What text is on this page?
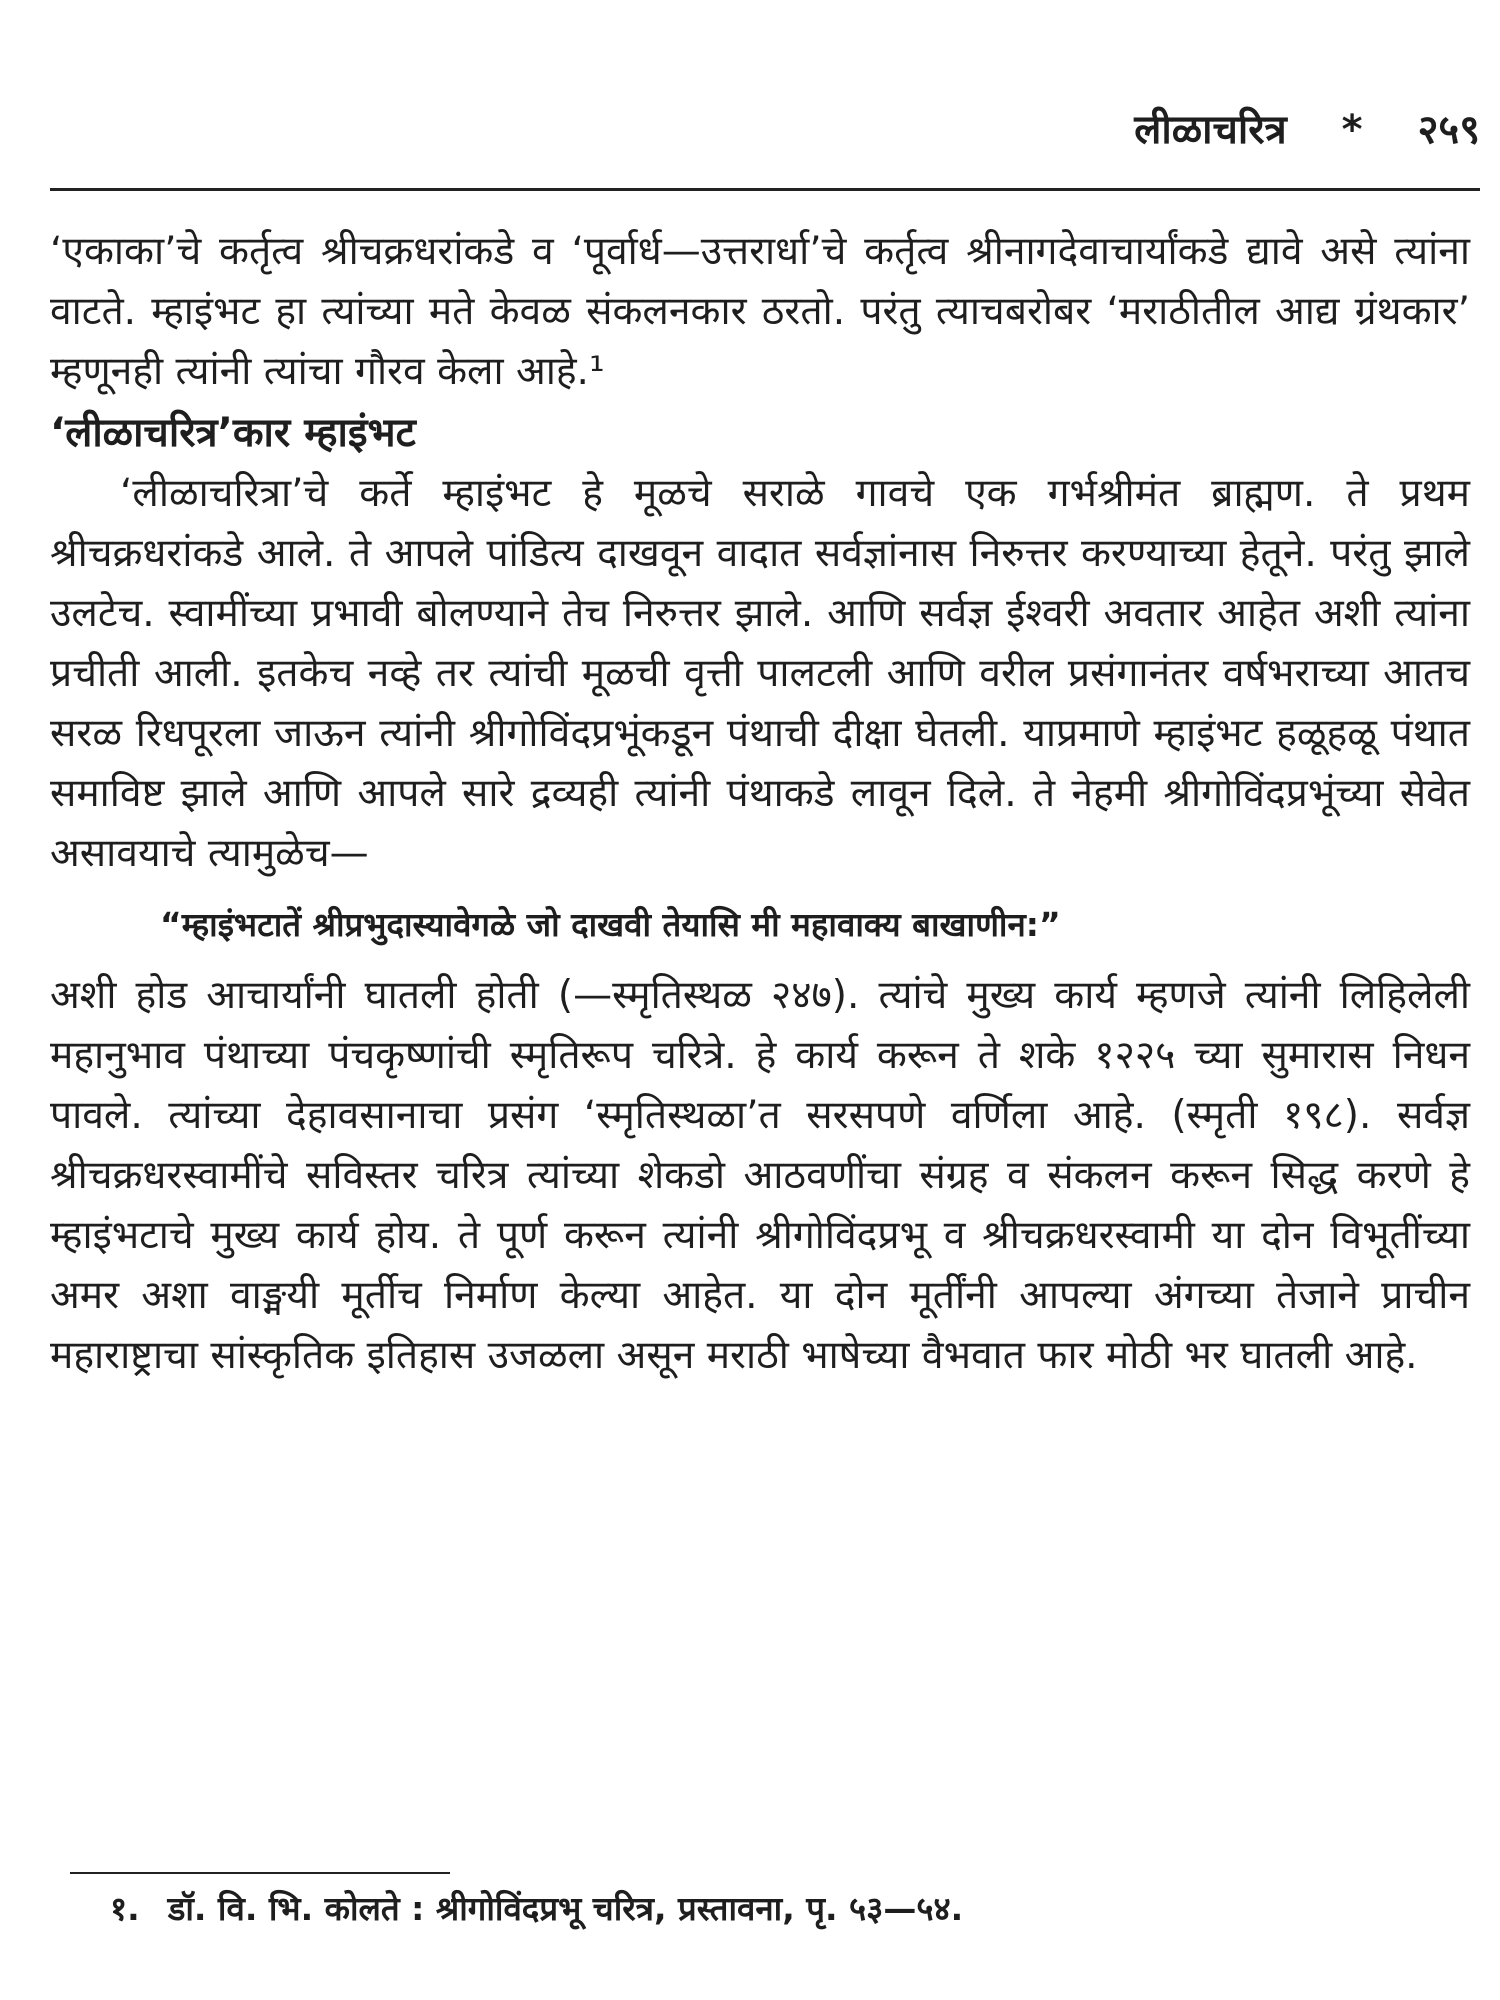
लीळाचरित्र * २५९

‘एकाका’चे कर्तृत्व श्रीचक्रधरांकडे व ‘पूर्वार्ध—उत्तरार्धा’चे कर्तृत्व श्रीनागदेवाचार्यांकडे द्यावे असे त्यांना वाटते. म्हाइंभट हा त्यांच्या मते केवळ संकलनकार ठरतो. परंतु त्याचबरोबर ‘मराठीतील आद्य ग्रंथकार’ म्हणूनही त्यांनी त्यांचा गौरव केला आहे.¹

‘लीळाचरित्र’कार म्हाइंभट

‘लीळाचरित्रा’चे कर्ते म्हाइंभट हे मूळचे सराळे गावचे एक गर्भश्रीमंत ब्राह्मण. ते प्रथम श्रीचक्रधरांकडे आले. ते आपले पांडित्य दाखवून वादात सर्वज्ञांनास निरुत्तर करण्याच्या हेतूने. परंतु झाले उलटेच. स्वामींच्या प्रभावी बोलण्याने तेच निरुत्तर झाले. आणि सर्वज्ञ ईश्वरी अवतार आहेत अशी त्यांना प्रचीती आली. इतकेच नव्हे तर त्यांची मूळची वृत्ती पालटली आणि वरील प्रसंगानंतर वर्षभराच्या आतच सरळ रिधपूरला जाऊन त्यांनी श्रीगोविंदप्रभूंकडून पंथाची दीक्षा घेतली. याप्रमाणे म्हाइंभट हळूहळू पंथात समाविष्ट झाले आणि आपले सारे द्रव्यही त्यांनी पंथाकडे लावून दिले. ते नेहमी श्रीगोविंदप्रभूंच्या सेवेत असावयाचे त्यामुळेच—

“म्हाइंभटातें श्रीप्रभुदास्यावेगळे जो दाखवी तेयासि मी महावाक्य बाखाणीन:”

अशी होड आचार्यांनी घातली होती (—स्मृतिस्थळ २४७). त्यांचे मुख्य कार्य म्हणजे त्यांनी लिहिलेली महानुभाव पंथाच्या पंचकृष्णांची स्मृतिरूप चरित्रे. हे कार्य करून ते शके १२२५ च्या सुमारास निधन पावले. त्यांच्या देहावसानाचा प्रसंग ‘स्मृतिस्थळा’त सरसपणे वर्णिला आहे. (स्मृती १९८). सर्वज्ञ श्रीचक्रधरस्वामींचे सविस्तर चरित्र त्यांच्या शेकडो आठवणींचा संग्रह व संकलन करून सिद्ध करणे हे म्हाइंभटाचे मुख्य कार्य होय. ते पूर्ण करून त्यांनी श्रीगोविंदप्रभू व श्रीचक्रधरस्वामी या दोन विभूतींच्या अमर अशा वाङ्मयी मूर्तीच निर्माण केल्या आहेत. या दोन मूर्तींनी आपल्या अंगच्या तेजाने प्राचीन महाराष्ट्राचा सांस्कृतिक इतिहास उजळला असून मराठी भाषेच्या वैभवात फार मोठी भर घातली आहे.

१. डॉ. वि. भि. कोलते : श्रीगोविंदप्रभू चरित्र, प्रस्तावना, पृ. ५३—५४.
